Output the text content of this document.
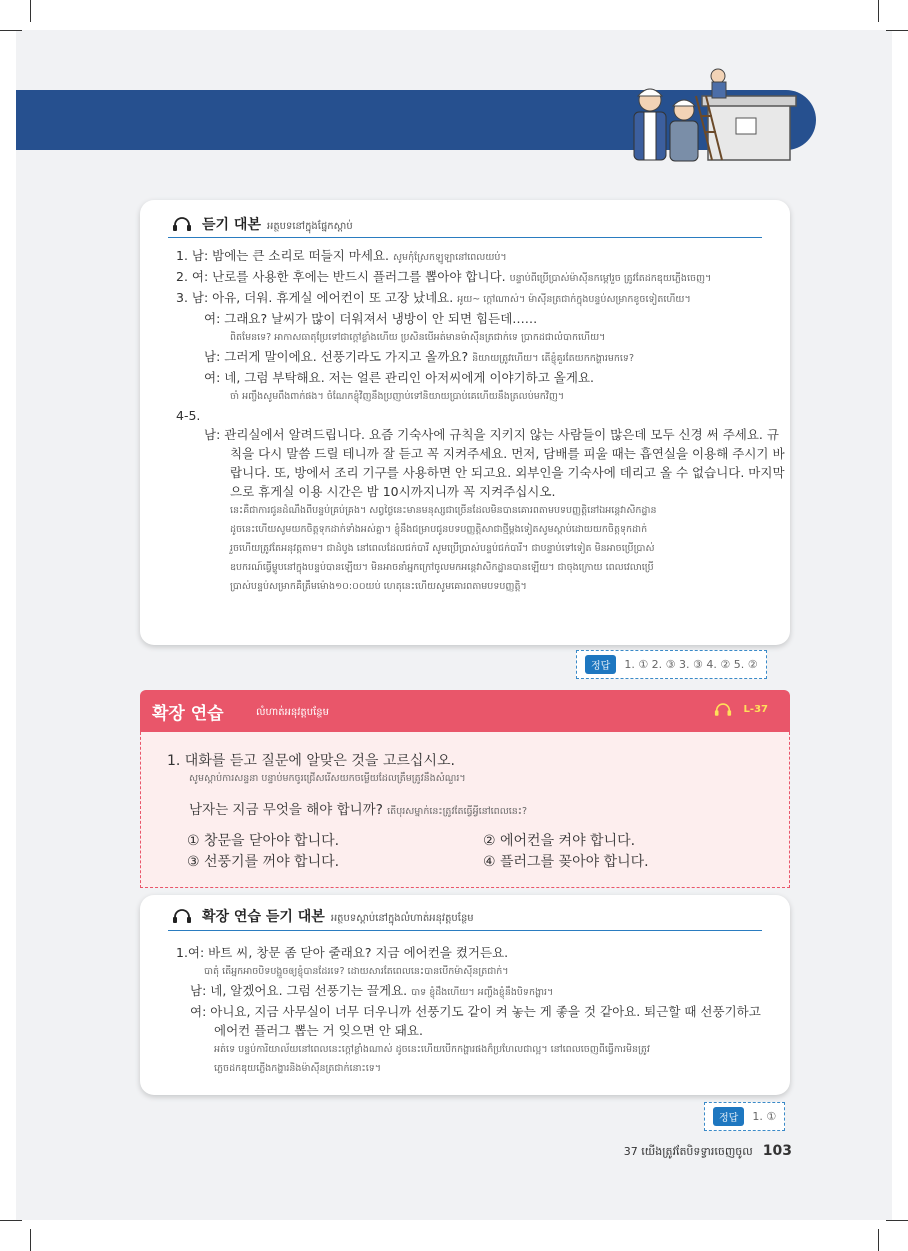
듣기 대본 អត្ថបទនៅក្នុងផ្នែកស្ដាប់
1. 남: 밤에는 큰 소리로 떠들지 마세요. សូមកុំស្រែកឡូឡានៅពេលយប់។
2. 여: 난로를 사용한 후에는 반드시 플러그를 뽑아야 합니다. បន្ទាប់ពីប្រើប្រាស់ម៉ាស៊ីនកម្ដៅរួច ត្រូវតែដកឌុយភ្លើងចេញ។
3. 남: 아유, 더워. 휴게실 에어컨이 또 고장 났네요. អូយ~ ក្ដៅណាស់។ ម៉ាស៊ីនត្រជាក់ក្នុងបន្ទប់សម្រាកខូចទៀតហើយ។
여: 그래요? 날씨가 많이 더워져서 냉방이 안 되면 힘든데……
ពិតមែនទេ? អាកាសធាតុប្រែទៅជាក្ដៅខ្លាំងហើយ ប្រសិនបើអត់មានម៉ាស៊ីនត្រជាក់ទេ ប្រាកដជាលំបាកហើយ។
남: 그러게 말이에요. 선풍기라도 가지고 올까요? និយាយត្រូវហើយ។ តើខ្ញុំគួរតែយកកង្ហារមកទេ?
여: 네, 그럼 부탁해요. 저는 얼른 관리인 아저씨에게 이야기하고 올게요.
ចា៎ អញ្ចឹងសូមពឹងពាក់ផង។ ចំណែកខ្ញុំវិញនឹងប្រញាប់ទៅនិយាយប្រាប់គេហើយនឹងត្រលប់មកវិញ។
4-5.
남: 관리실에서 알려드립니다. 요즘 기숙사에 규칙을 지키지 않는 사람들이 많은데 모두 신경 써 주세요. 규
칙을 다시 말씀 드릴 테니까 잘 듣고 꼭 지켜주세요. 먼저, 담배를 피울 때는 흡연실을 이용해 주시기 바
랍니다. 또, 방에서 조리 기구를 사용하면 안 되고요. 외부인을 기숙사에 데리고 올 수 없습니다. 마지막
으로 휴게실 이용 시간은 밤 10시까지니까 꼭 지켜주십시오.
នេះគឺជាការជូនដំណឹងពីបន្ទប់គ្រប់គ្រង។ សព្វថ្ងៃនេះមានមនុស្សជាច្រើនដែលមិនបានគោរពតាមបទបញ្ញត្តិនៅឯអន្តេវាសិកដ្ឋាន
ដូចនេះហើយសូមយកចិត្តទុកដាក់ទាំងអស់គ្នា។ ខ្ញុំនឹងជម្រាបជូនបទបញ្ញត្តិសាជាថ្មីម្ដងទៀតសូមស្ដាប់ដោយយកចិត្តទុកដាក់
រួចហើយត្រូវតែអនុវត្តតាម។ ជាដំបូង នៅពេលដែលជក់បារី សូមប្រើប្រាស់បន្ទប់ជក់បារី។ ជាបន្ទាប់ទៅទៀត មិនអាចប្រើប្រាស់
ឧបករណ៍ធ្វើម្ហូបនៅក្នុងបន្ទប់បានឡើយ។ មិនអាចនាំអ្នកក្រៅចូលមកអន្តេវាសិកដ្ឋានបានឡើយ។ ជាចុងក្រោយ ពេលវេលាប្រើ
ប្រាស់បន្ទប់សម្រាកគឺត្រឹមម៉ោង១០:០០យប់ ហេតុនេះហើយសូមគោរពតាមបទបញ្ញត្តិ។
정답	1. ① 2. ③ 3. ③ 4. ② 5. ②
확장 연습	លំហាត់អនុវត្តបន្ថែម	L-37
1. 대화를 듣고 질문에 알맞은 것을 고르십시오.
សូមស្ដាប់ការសន្ទនា បន្ទាប់មកចូរជ្រើសរើសយកចម្លើយដែលត្រឹមត្រូវនឹងសំណួរ។
남자는 지금 무엇을 해야 합니까? តើបុរសម្នាក់នេះត្រូវតែធ្វើអ្វីនៅពេលនេះ?
① 창문을 닫아야 합니다.	② 에어컨을 켜야 합니다.
③ 선풍기를 꺼야 합니다.	④ 플러그를 꽂아야 합니다.
확장 연습 듣기 대본 អត្ថបទស្ដាប់នៅក្នុងលំហាត់អនុវត្តបន្ថែម
1.여: 바트 씨, 창문 좀 닫아 줄래요? 지금 에어컨을 켰거든요.
បាតុ៎ តើអ្នកអាចបិទបង្អួចឲ្យខ្ញុំបានដែរទេ? ដោយសារតែពេលនេះបានបើកម៉ាស៊ីនត្រជាក់។
남: 네, 알겠어요. 그럼 선풍기는 끌게요. បាទ ខ្ញុំដឹងហើយ។ អញ្ចឹងខ្ញុំនឹងបិទកង្ហារ។
여: 아니요, 지금 사무실이 너무 더우니까 선풍기도 같이 켜 놓는 게 좋을 것 같아요. 퇴근할 때 선풍기하고
에어컨 플러그 뽑는 거 잊으면 안 돼요.
អត់ទេ បន្ទប់ការិយាល័យនៅពេលនេះក្ដៅខ្លាំងណាស់ ដូចនេះហើយបើកកង្ហារផងក៏ប្រហែលជាល្អ។ នៅពេលចេញពីធ្វើការមិនត្រូវ
ភ្លេចដកឌុយភ្លើងកង្ហារនិងម៉ាស៊ីនត្រជាក់នោះទេ។
정답	1. ①
37 យើងត្រូវតែបិទទ្វារចេញចូល 103
